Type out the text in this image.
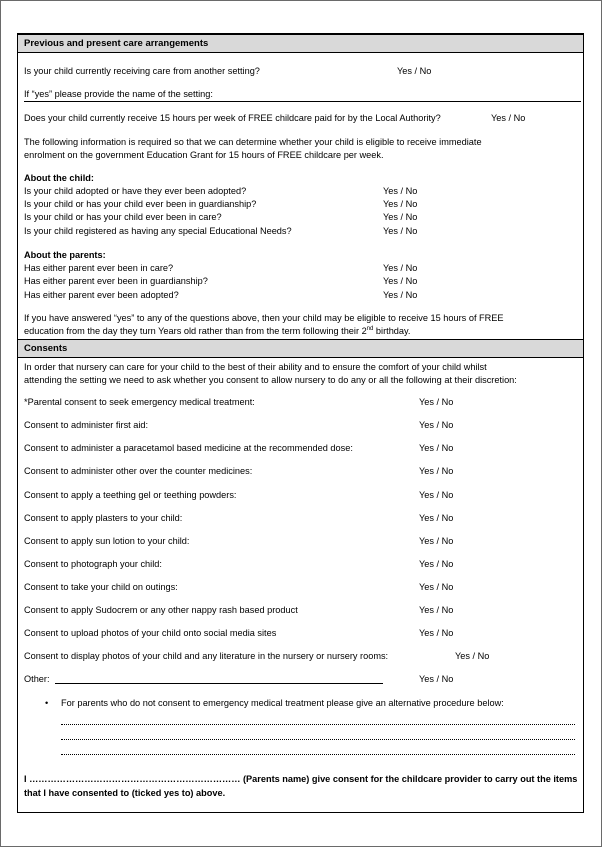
Previous and present care arrangements
Is your child currently receiving care from another setting?	Yes / No
If “yes” please provide the name of the setting:
Does your child currently receive 15 hours per week of FREE childcare paid for by the Local Authority?	Yes / No
The following information is required so that we can determine whether your child is eligible to receive immediate
enrolment on the government Education Grant for 15 hours of FREE childcare per week.
About the child:
Is your child adopted or have they ever been adopted?	Yes / No
Is your child or has your child ever been in guardianship?	Yes / No
Is your child or has your child ever been in care?	Yes / No
Is your child registered as having any special Educational Needs?	Yes / No
About the parents:
Has either parent ever been in care?	Yes / No
Has either parent ever been in guardianship?	Yes / No
Has either parent ever been adopted?	Yes / No
If you have answered “yes” to any of the questions above, then your child may be eligible to receive 15 hours of FREE
education from the day they turn Years old rather than from the term following their 2nd birthday.
Consents
In order that nursery can care for your child to the best of their ability and to ensure the comfort of your child whilst
attending the setting we need to ask whether you consent to allow nursery to do any or all the following at their discretion:
*Parental consent to seek emergency medical treatment:	Yes / No
Consent to administer first aid:	Yes / No
Consent to administer a paracetamol based medicine at the recommended dose:	Yes / No
Consent to administer other over the counter medicines:	Yes / No
Consent to apply a teething gel or teething powders:	Yes / No
Consent to apply plasters to your child:	Yes / No
Consent to apply sun lotion to your child:	Yes / No
Consent to photograph your child:	Yes / No
Consent to take your child on outings:	Yes / No
Consent to apply Sudocrem or any other nappy rash based product	Yes / No
Consent to upload photos of your child onto social media sites	Yes / No
Consent to display photos of your child and any literature in the nursery or nursery rooms:	Yes / No
Other:	Yes / No
• For parents who do not consent to emergency medical treatment please give an alternative procedure below:
I …………………………………………………………… (Parents name) give consent for the childcare provider to carry out the items
that I have consented to (ticked yes to) above.
